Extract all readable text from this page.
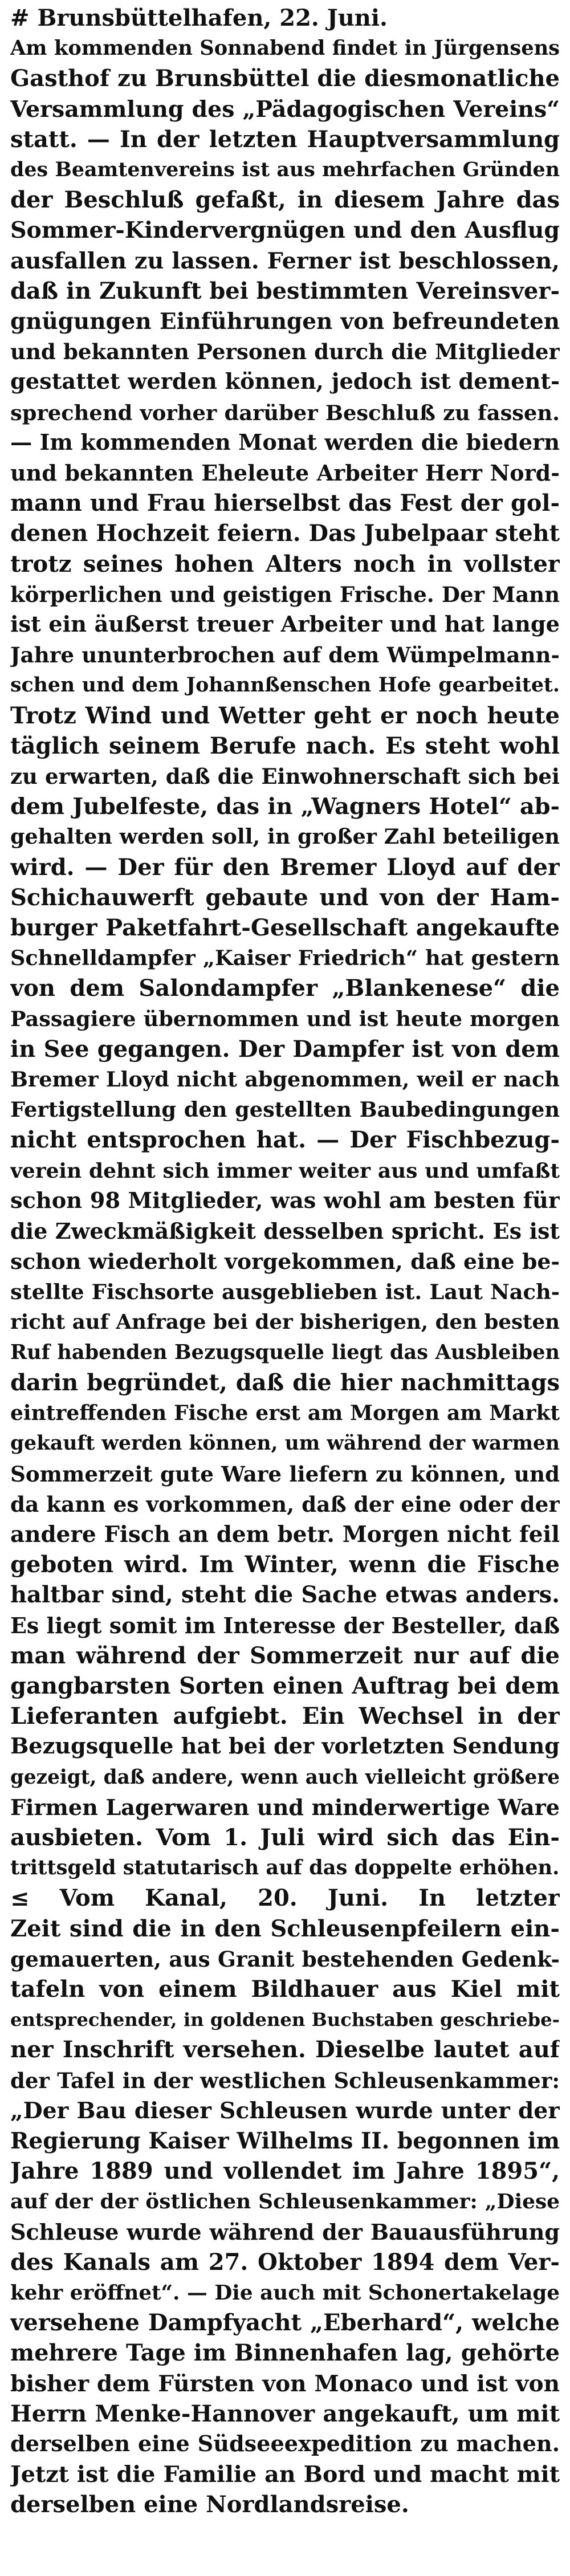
# Brunsbüttelhafen, 22. Juni.
Am kommenden Sonnabend findet in Jürgensens
Gasthof zu Brunsbüttel die diesmonatliche
Versammlung des „Pädagogischen Vereins“
statt. — In der letzten Hauptversammlung
des Beamtenvereins ist aus mehrfachen Gründen
der Beschluß gefaßt, in diesem Jahre das
Sommer-Kindervergnügen und den Ausflug
ausfallen zu lassen. Ferner ist beschlossen,
daß in Zukunft bei bestimmten Vereinsver-
gnügungen Einführungen von befreundeten
und bekannten Personen durch die Mitglieder
gestattet werden können, jedoch ist dement-
sprechend vorher darüber Beschluß zu fassen.
— Im kommenden Monat werden die biedern
und bekannten Eheleute Arbeiter Herr Nord-
mann und Frau hierselbst das Fest der gol-
denen Hochzeit feiern. Das Jubelpaar steht
trotz seines hohen Alters noch in vollster
körperlichen und geistigen Frische. Der Mann
ist ein äußerst treuer Arbeiter und hat lange
Jahre ununterbrochen auf dem Wümpelmann-
schen und dem Johannßenschen Hofe gearbeitet.
Trotz Wind und Wetter geht er noch heute
täglich seinem Berufe nach. Es steht wohl
zu erwarten, daß die Einwohnerschaft sich bei
dem Jubelfeste, das in „Wagners Hotel“ ab-
gehalten werden soll, in großer Zahl beteiligen
wird. — Der für den Bremer Lloyd auf der
Schichauwerft gebaute und von der Ham-
burger Paketfahrt-Gesellschaft angekaufte
Schnelldampfer „Kaiser Friedrich“ hat gestern
von dem Salondampfer „Blankenese“ die
Passagiere übernommen und ist heute morgen
in See gegangen. Der Dampfer ist von dem
Bremer Lloyd nicht abgenommen, weil er nach
Fertigstellung den gestellten Baubedingungen
nicht entsprochen hat. — Der Fischbezug-
verein dehnt sich immer weiter aus und umfaßt
schon 98 Mitglieder, was wohl am besten für
die Zweckmäßigkeit desselben spricht. Es ist
schon wiederholt vorgekommen, daß eine be-
stellte Fischsorte ausgeblieben ist. Laut Nach-
richt auf Anfrage bei der bisherigen, den besten
Ruf habenden Bezugsquelle liegt das Ausbleiben
darin begründet, daß die hier nachmittags
eintreffenden Fische erst am Morgen am Markt
gekauft werden können, um während der warmen
Sommerzeit gute Ware liefern zu können, und
da kann es vorkommen, daß der eine oder der
andere Fisch an dem betr. Morgen nicht feil
geboten wird. Im Winter, wenn die Fische
haltbar sind, steht die Sache etwas anders.
Es liegt somit im Interesse der Besteller, daß
man während der Sommerzeit nur auf die
gangbarsten Sorten einen Auftrag bei dem
Lieferanten aufgiebt. Ein Wechsel in der
Bezugsquelle hat bei der vorletzten Sendung
gezeigt, daß andere, wenn auch vielleicht größere
Firmen Lagerwaren und minderwertige Ware
ausbieten. Vom 1. Juli wird sich das Ein-
trittsgeld statutarisch auf das doppelte erhöhen.
≤ Vom Kanal, 20. Juni. In letzter
Zeit sind die in den Schleusenpfeilern ein-
gemauerten, aus Granit bestehenden Gedenk-
tafeln von einem Bildhauer aus Kiel mit
entsprechender, in goldenen Buchstaben geschriebe-
ner Inschrift versehen. Dieselbe lautet auf
der Tafel in der westlichen Schleusenkammer:
„Der Bau dieser Schleusen wurde unter der
Regierung Kaiser Wilhelms II. begonnen im
Jahre 1889 und vollendet im Jahre 1895“,
auf der der östlichen Schleusenkammer: „Diese
Schleuse wurde während der Bauausführung
des Kanals am 27. Oktober 1894 dem Ver-
kehr eröffnet“. — Die auch mit Schonertakelage
versehene Dampfyacht „Eberhard“, welche
mehrere Tage im Binnenhafen lag, gehörte
bisher dem Fürsten von Monaco und ist von
Herrn Menke-Hannover angekauft, um mit
derselben eine Südseeexpedition zu machen.
Jetzt ist die Familie an Bord und macht mit
derselben eine Nordlandsreise.
